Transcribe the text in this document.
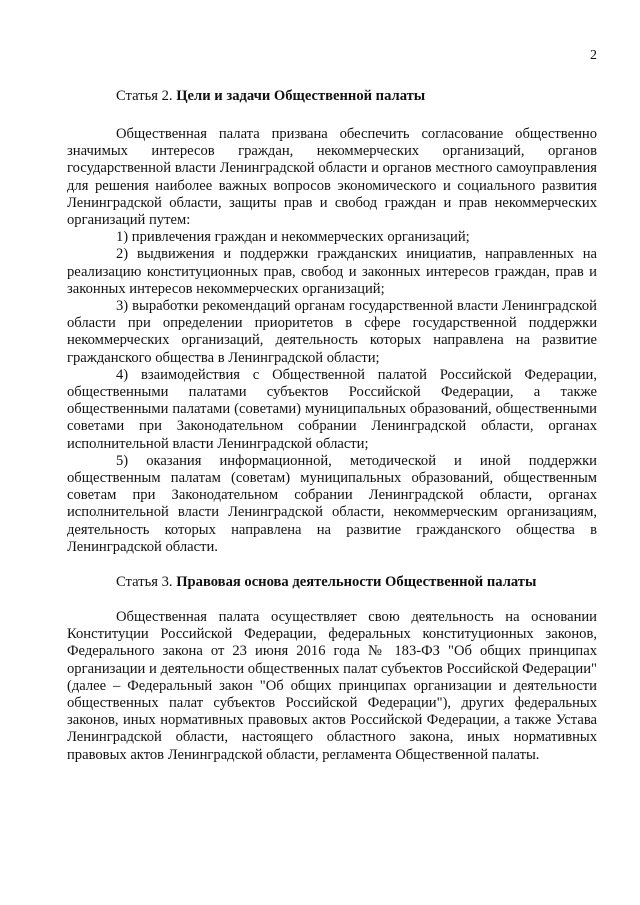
2

Статья 2. Цели и задачи Общественной палаты

Общественная палата призвана обеспечить согласование общественно значимых интересов граждан, некоммерческих организаций, органов государственной власти Ленинградской области и органов местного самоуправления для решения наиболее важных вопросов экономического и социального развития Ленинградской области, защиты прав и свобод граждан и прав некоммерческих организаций путем:

1) привлечения граждан и некоммерческих организаций;

2) выдвижения и поддержки гражданских инициатив, направленных на реализацию конституционных прав, свобод и законных интересов граждан, прав и законных интересов некоммерческих организаций;

3) выработки рекомендаций органам государственной власти Ленинградской области при определении приоритетов в сфере государственной поддержки некоммерческих организаций, деятельность которых направлена на развитие гражданского общества в Ленинградской области;

4) взаимодействия с Общественной палатой Российской Федерации, общественными палатами субъектов Российской Федерации, а также общественными палатами (советами) муниципальных образований, общественными советами при Законодательном собрании Ленинградской области, органах исполнительной власти Ленинградской области;

5) оказания информационной, методической и иной поддержки общественным палатам (советам) муниципальных образований, общественным советам при Законодательном собрании Ленинградской области, органах исполнительной власти Ленинградской области, некоммерческим организациям, деятельность которых направлена на развитие гражданского общества в Ленинградской области.

Статья 3. Правовая основа деятельности Общественной палаты

Общественная палата осуществляет свою деятельность на основании Конституции Российской Федерации, федеральных конституционных законов, Федерального закона от 23 июня 2016 года № 183-ФЗ "Об общих принципах организации и деятельности общественных палат субъектов Российской Федерации" (далее – Федеральный закон "Об общих принципах организации и деятельности общественных палат субъектов Российской Федерации"), других федеральных законов, иных нормативных правовых актов Российской Федерации, а также Устава Ленинградской области, настоящего областного закона, иных нормативных правовых актов Ленинградской области, регламента Общественной палаты.
